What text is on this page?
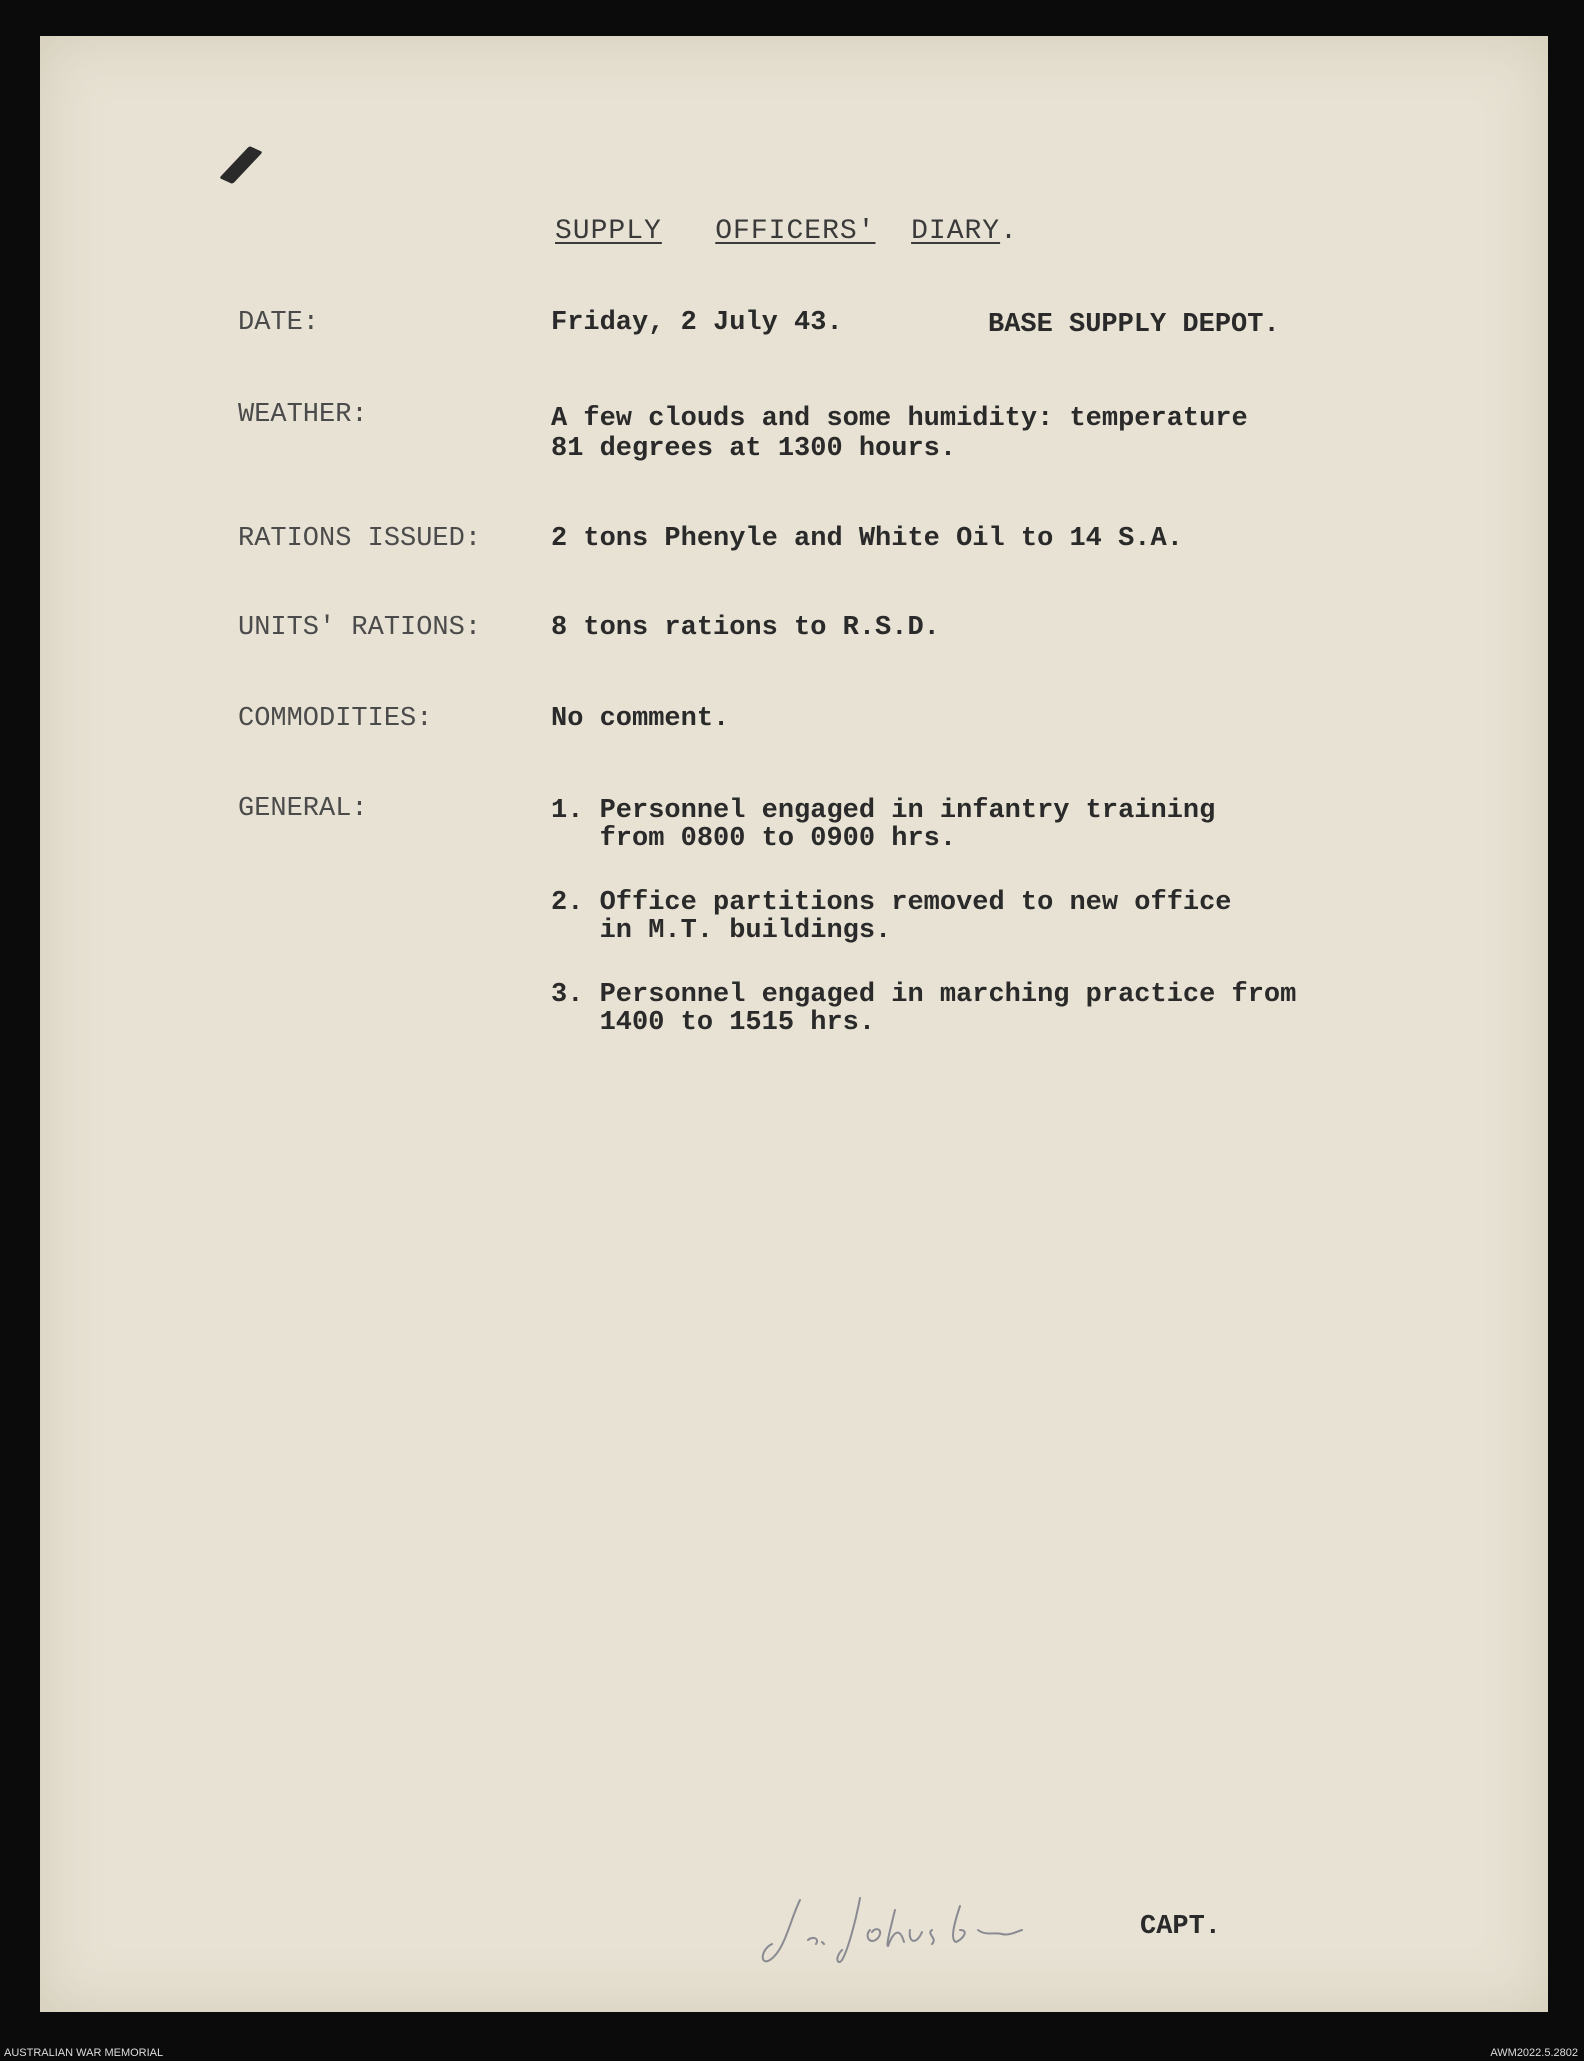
SUPPLY OFFICERS' DIARY.
DATE:	Friday, 2 July 43.	BASE SUPPLY DEPOT.
WEATHER:	A few clouds and some humidity: temperature
81 degrees at 1300 hours.
RATIONS ISSUED:	2 tons Phenyle and White Oil to 14 S.A.
UNITS' RATIONS:	8 tons rations to R.S.D.
COMMODITIES:	No comment.
GENERAL:	1. Personnel engaged in infantry training
from 0800 to 0900 hrs.
2. Office partitions removed to new office
in M.T. buildings.
3. Personnel engaged in marching practice from
1400 to 1515 hrs.
CAPT.
AUSTRALIAN WAR MEMORIAL	AWM2022.5.2802
